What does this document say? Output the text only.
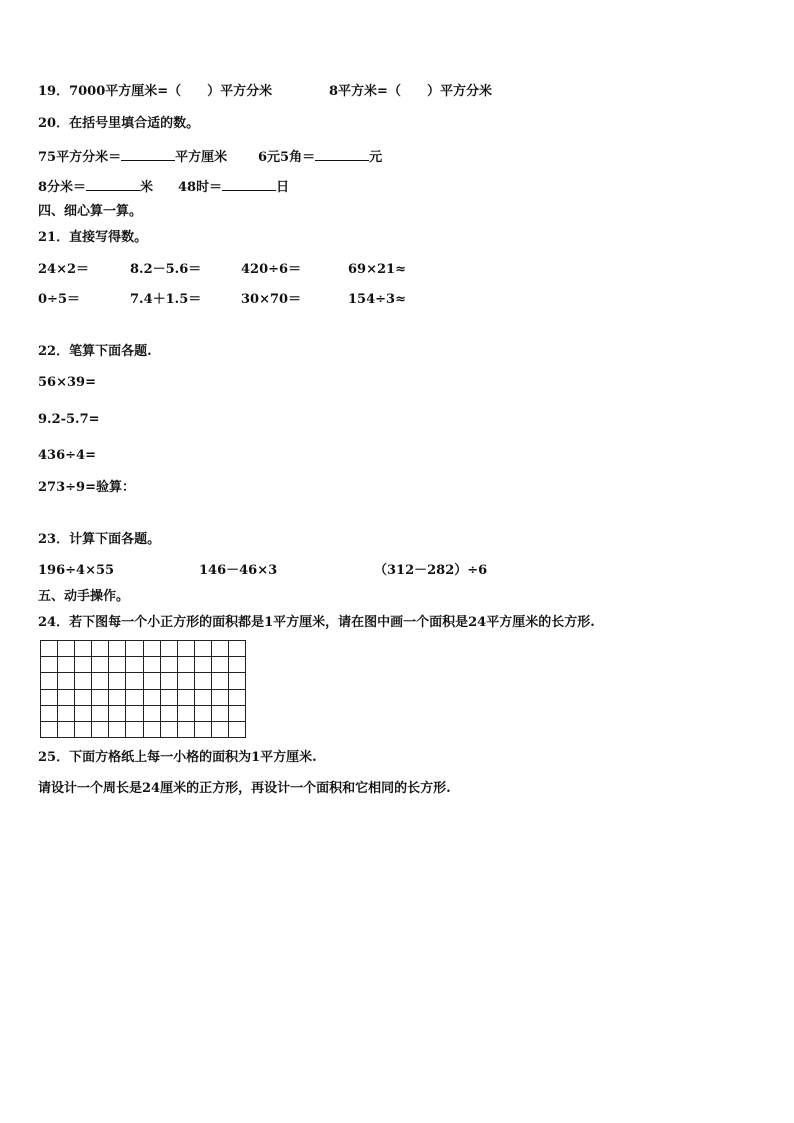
19．7000平方厘米=（　　）平方分米	8平方米=（　　）平方分米
20．在括号里填合适的数。
75平方分米＝	平方厘米 6元5角＝	元
8分米＝	米 48时＝	日
四、细心算一算。
21．直接写得数。
24×2＝	8.2－5.6＝	420÷6＝	69×21≈
0÷5＝	7.4＋1.5＝	30×70＝	154÷3≈
22．笔算下面各题.
56×39=
9.2-5.7=
436÷4=
273÷9=验算：
23．计算下面各题。
196÷4×55	146－46×3	（312－282）÷6
五、动手操作。
24．若下图每一个小正方形的面积都是1平方厘米，请在图中画一个面积是24平方厘米的长方形.

25．下面方格纸上每一小格的面积为1平方厘米.
请设计一个周长是24厘米的正方形，再设计一个面积和它相同的长方形.
